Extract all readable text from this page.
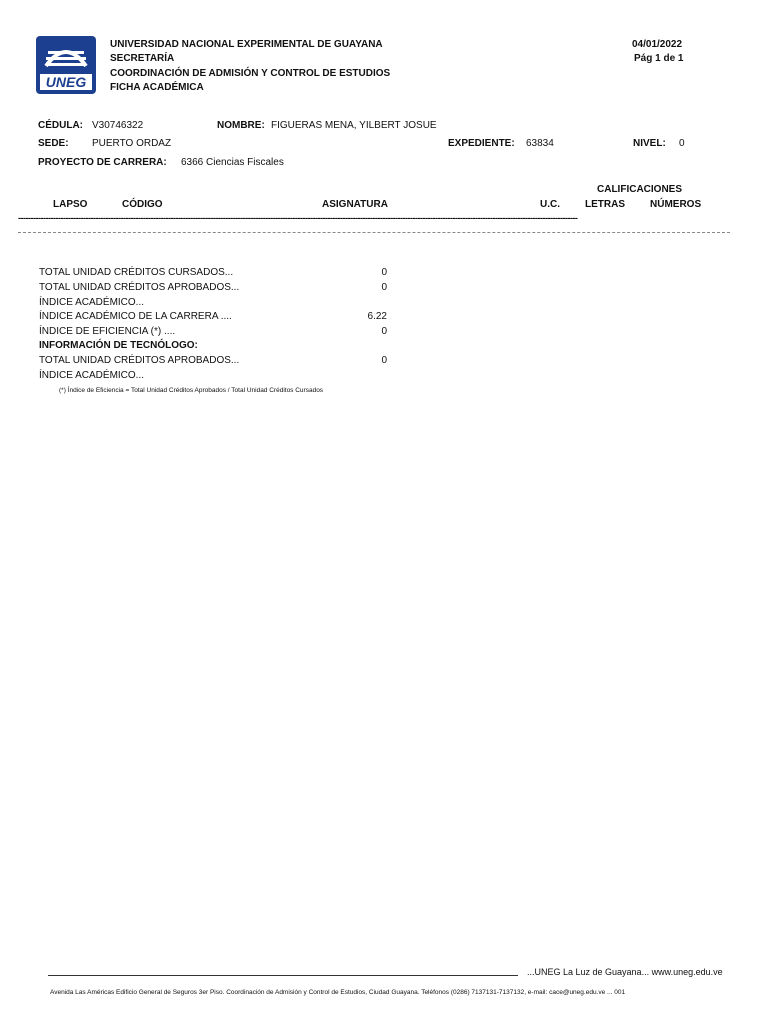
UNEG
UNIVERSIDAD NACIONAL EXPERIMENTAL DE GUAYANA
SECRETARÍA
COORDINACIÓN DE ADMISIÓN Y CONTROL DE ESTUDIOS
FICHA ACADÉMICA
04/01/2022
Pág 1 de 1
CÉDULA: V30746322	NOMBRE: FIGUERAS MENA, YILBERT JOSUE
SEDE: PUERTO ORDAZ	EXPEDIENTE: 63834	NIVEL: 0
PROYECTO DE CARRERA: 6366 Ciencias Fiscales
CALIFICACIONES
LAPSO	CÓDIGO	ASIGNATURA	U.C.	LETRAS	NÚMEROS
--------------------------------------------------------------------------------------------------------------------------------------------------------------------------------------------------------------------------------
TOTAL UNIDAD CRÉDITOS CURSADOS...	0
TOTAL UNIDAD CRÉDITOS APROBADOS...	0
ÍNDICE ACADÉMICO...
ÍNDICE ACADÉMICO DE LA CARRERA ....	6.22
ÍNDICE DE EFICIENCIA (*) ....	0
INFORMACIÓN DE TECNÓLOGO:
TOTAL UNIDAD CRÉDITOS APROBADOS...	0
ÍNDICE ACADÉMICO...
(*) Índice de Eficiencia = Total Unidad Créditos Aprobados / Total Unidad Créditos Cursados
...UNEG La Luz de Guayana... www.uneg.edu.ve
Avenida Las Américas Edificio General de Seguros 3er Piso. Coordinación de Admisión y Control de Estudios, Ciudad Guayana. Teléfonos (0286) 7137131-7137132, e-mail: cace@uneg.edu.ve ... 001
